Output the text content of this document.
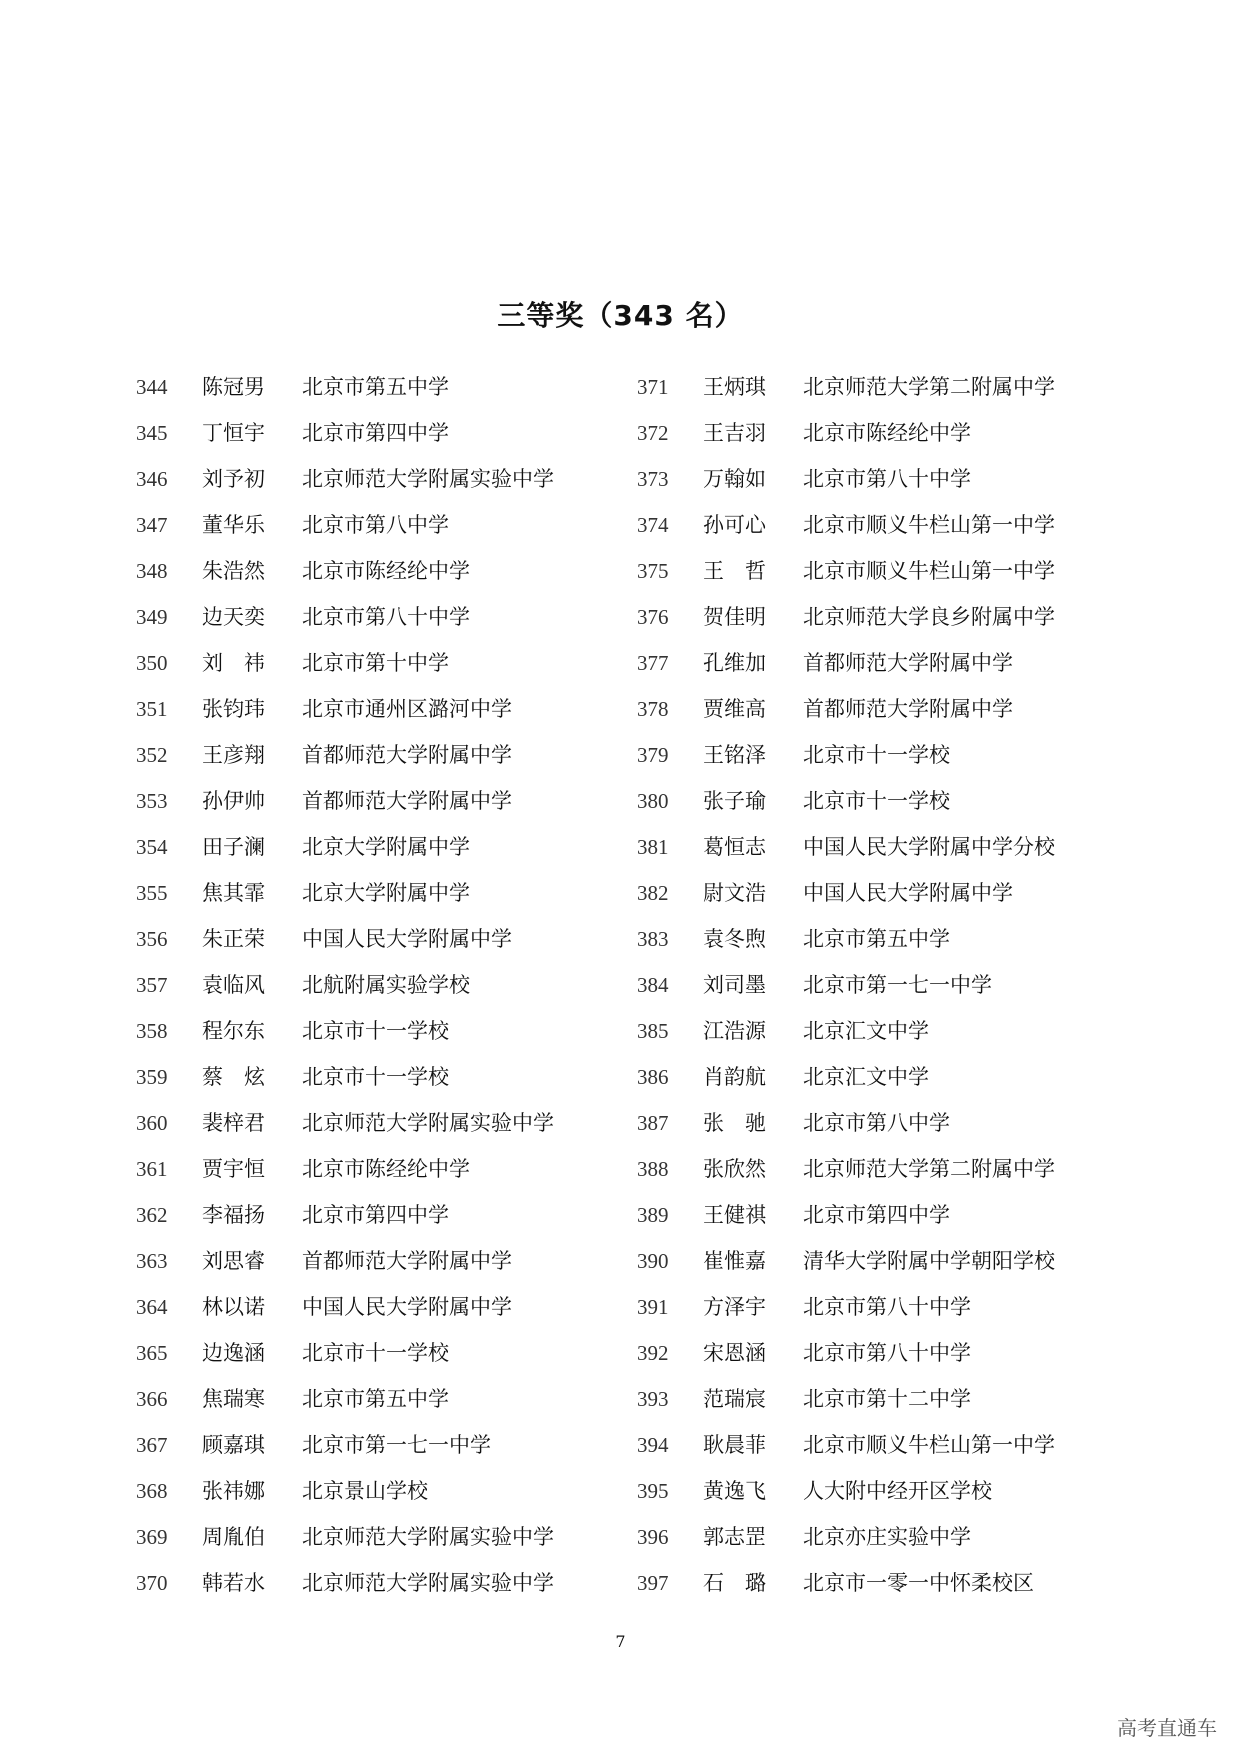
三等奖（343 名）
344	陈冠男	北京市第五中学
345	丁恒宇	北京市第四中学
346	刘予初	北京师范大学附属实验中学
347	董华乐	北京市第八中学
348	朱浩然	北京市陈经纶中学
349	边天奕	北京市第八十中学
350	刘　祎	北京市第十中学
351	张钧玮	北京市通州区潞河中学
352	王彦翔	首都师范大学附属中学
353	孙伊帅	首都师范大学附属中学
354	田子澜	北京大学附属中学
355	焦其霏	北京大学附属中学
356	朱正荣	中国人民大学附属中学
357	袁临风	北航附属实验学校
358	程尔东	北京市十一学校
359	蔡　炫	北京市十一学校
360	裴梓君	北京师范大学附属实验中学
361	贾宇恒	北京市陈经纶中学
362	李福扬	北京市第四中学
363	刘思睿	首都师范大学附属中学
364	林以诺	中国人民大学附属中学
365	边逸涵	北京市十一学校
366	焦瑞寒	北京市第五中学
367	顾嘉琪	北京市第一七一中学
368	张祎娜	北京景山学校
369	周胤伯	北京师范大学附属实验中学
370	韩若水	北京师范大学附属实验中学
371	王炳琪	北京师范大学第二附属中学
372	王吉羽	北京市陈经纶中学
373	万翰如	北京市第八十中学
374	孙可心	北京市顺义牛栏山第一中学
375	王　哲	北京市顺义牛栏山第一中学
376	贺佳明	北京师范大学良乡附属中学
377	孔维加	首都师范大学附属中学
378	贾维高	首都师范大学附属中学
379	王铭泽	北京市十一学校
380	张子瑜	北京市十一学校
381	葛恒志	中国人民大学附属中学分校
382	尉文浩	中国人民大学附属中学
383	袁冬煦	北京市第五中学
384	刘司墨	北京市第一七一中学
385	江浩源	北京汇文中学
386	肖韵航	北京汇文中学
387	张　驰	北京市第八中学
388	张欣然	北京师范大学第二附属中学
389	王健祺	北京市第四中学
390	崔惟嘉	清华大学附属中学朝阳学校
391	方泽宇	北京市第八十中学
392	宋恩涵	北京市第八十中学
393	范瑞宸	北京市第十二中学
394	耿晨菲	北京市顺义牛栏山第一中学
395	黄逸飞	人大附中经开区学校
396	郭志罡	北京亦庄实验中学
397	石　璐	北京市一零一中怀柔校区
7
高考直通车
